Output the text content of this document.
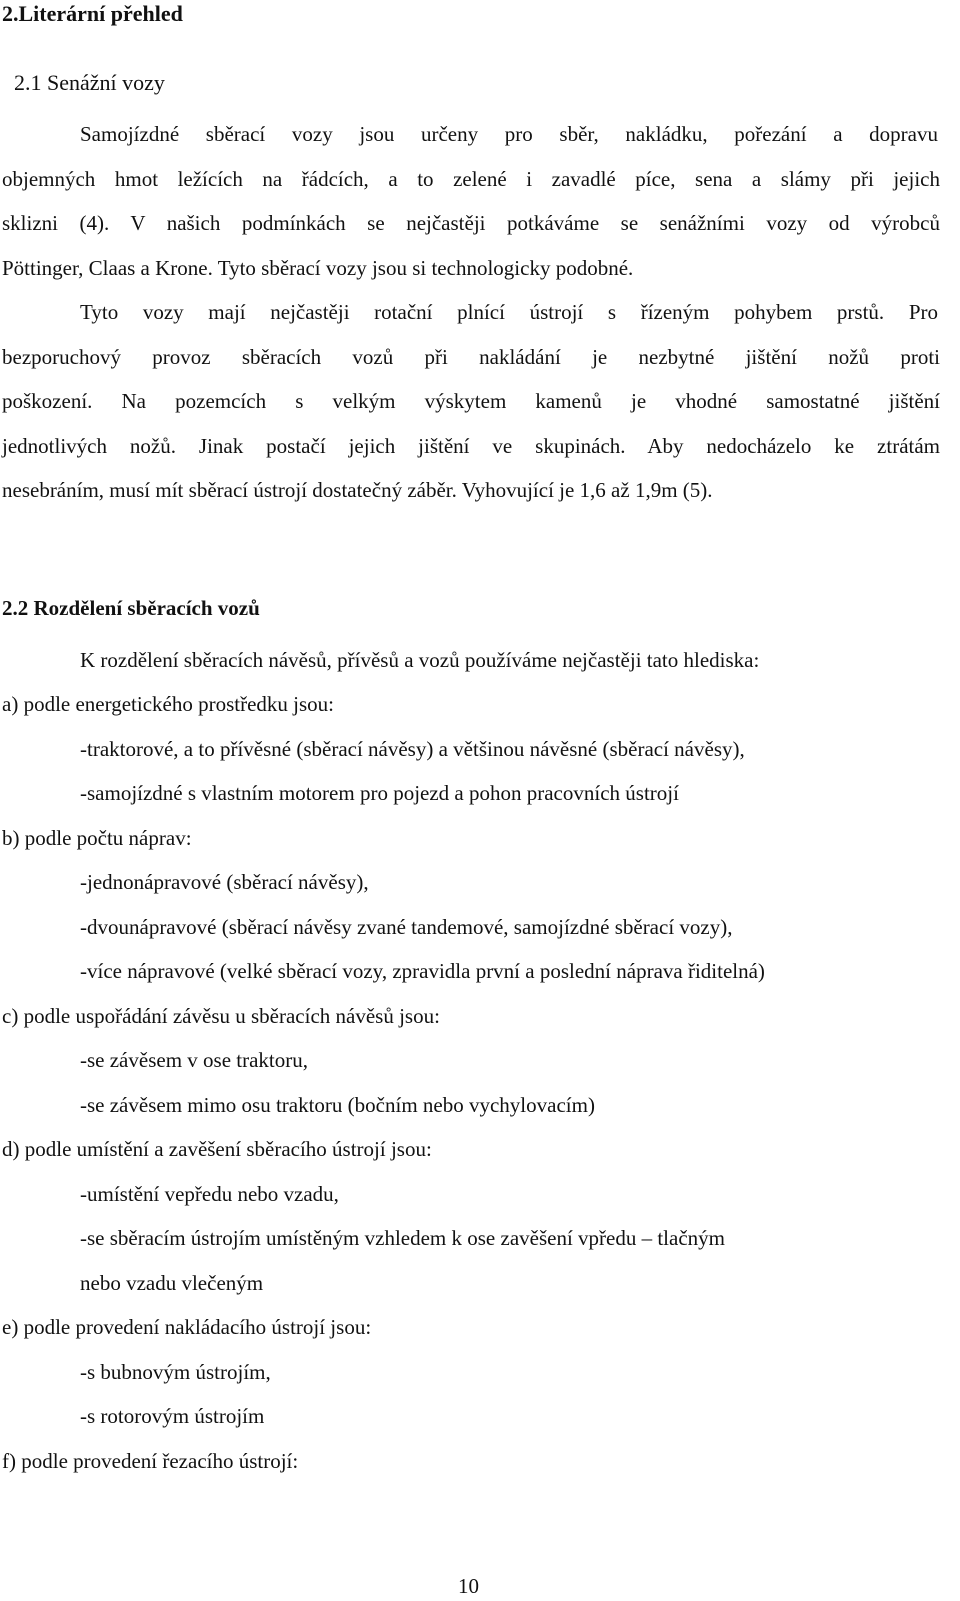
2.Literární přehled
2.1 Senážní vozy
Samojízdné sběrací vozy jsou určeny pro sběr, nakládku, pořezání a dopravu
objemných hmot ležících na řádcích, a to zelené i zavadlé píce, sena a slámy při jejich
sklizni (4). V našich podmínkách se nejčastěji potkáváme se senážními vozy od výrobců
Pöttinger, Claas a Krone. Tyto sběrací vozy jsou si technologicky podobné.
Tyto vozy mají nejčastěji rotační plnící ústrojí s řízeným pohybem prstů. Pro
bezporuchový provoz sběracích vozů při nakládání je nezbytné jištění nožů proti
poškození. Na pozemcích s velkým výskytem kamenů je vhodné samostatné jištění
jednotlivých nožů. Jinak postačí jejich jištění ve skupinách. Aby nedocházelo ke ztrátám
nesebráním, musí mít sběrací ústrojí dostatečný záběr. Vyhovující je 1,6 až 1,9m (5).
2.2 Rozdělení sběracích vozů
K rozdělení sběracích návěsů, přívěsů a vozů používáme nejčastěji tato hlediska:
a) podle energetického prostředku jsou:
-traktorové, a to přívěsné (sběrací návěsy) a většinou návěsné (sběrací návěsy),
-samojízdné s vlastním motorem pro pojezd a pohon pracovních ústrojí
b) podle počtu náprav:
-jednonápravové (sběrací návěsy),
-dvounápravové (sběrací návěsy zvané tandemové, samojízdné sběrací vozy),
-více nápravové (velké sběrací vozy, zpravidla první a poslední náprava řiditelná)
c) podle uspořádání závěsu u sběracích návěsů jsou:
-se závěsem v ose traktoru,
-se závěsem mimo osu traktoru (bočním nebo vychylovacím)
d) podle umístění a zavěšení sběracího ústrojí jsou:
-umístění vepředu nebo vzadu,
-se sběracím ústrojím umístěným vzhledem k ose zavěšení vpředu – tlačným
nebo vzadu vlečeným
e) podle provedení nakládacího ústrojí jsou:
-s bubnovým ústrojím,
-s rotorovým ústrojím
f) podle provedení řezacího ústrojí:
10
